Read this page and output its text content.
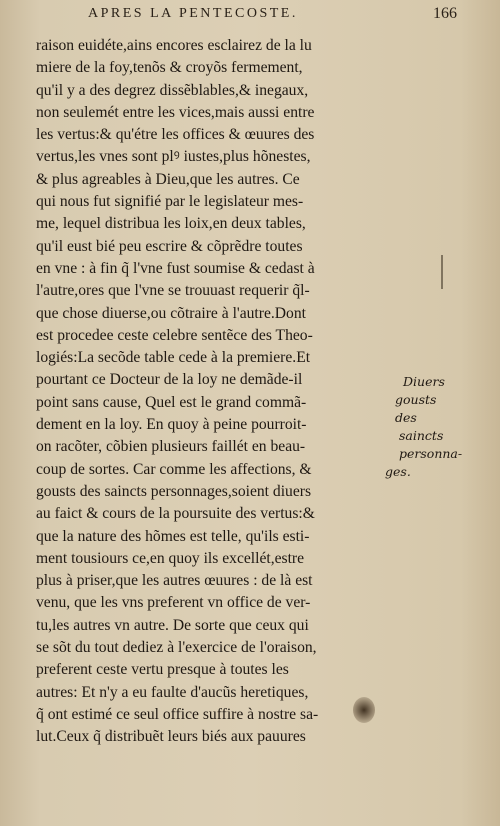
APRES LA PENTECOSTE.	166
raison euidéte,ains encores esclairez de la lu
miere de la foy,tenõs & croyõs fermement,
qu'il y a des degrez dissẽblables,& inegaux,
non seulemét entre les vices,mais aussi entre
les vertus:& qu'étre les offices & œuures des
vertus,les vnes sont plꝰ iustes,plus hõnestes,
& plus agreables à Dieu,que les autres. Ce
qui nous fut signifié par le legislateur mes-
me, lequel distribua les loix,en deux tables,
qu'il eust bié peu escrire & cõprẽdre toutes
en vne : à fin q̃ l'vne fust soumise & cedast à
l'autre,ores que l'vne se trouuast requerir q̃l-
que chose diuerse,ou cõtraire à l'autre.Dont
est procedee ceste celebre sentẽce des Theo-
logiés:La secõde table cede à la premiere.Et
pourtant ce Docteur de la loy ne demãde-il
point sans cause, Quel est le grand commã-
dement en la loy. En quoy à peine pourroit-
on racõter, cõbien plusieurs faillét en beau-
coup de sortes. Car comme les affections, &
gousts des saincts personnages,soient diuers
au faict & cours de la poursuite des vertus:&
que la nature des hõmes est telle, qu'ils esti-
ment tousiours ce,en quoy ils excellét,estre
plus à priser,que les autres œuures : de là est
venu, que les vns preferent vn office de ver-
tu,les autres vn autre. De sorte que ceux qui
se sõt du tout dediez à l'exercice de l'oraison,
preferent ceste vertu presque à toutes les
autres: Et n'y a eu faulte d'aucũs heretiques,
q̃ ont estimé ce seul office suffire à nostre sa-
lut.Ceux q̃ distribuẽt leurs biés aux pauures
Diuers
gousts des
saincts
personna-
ges.
